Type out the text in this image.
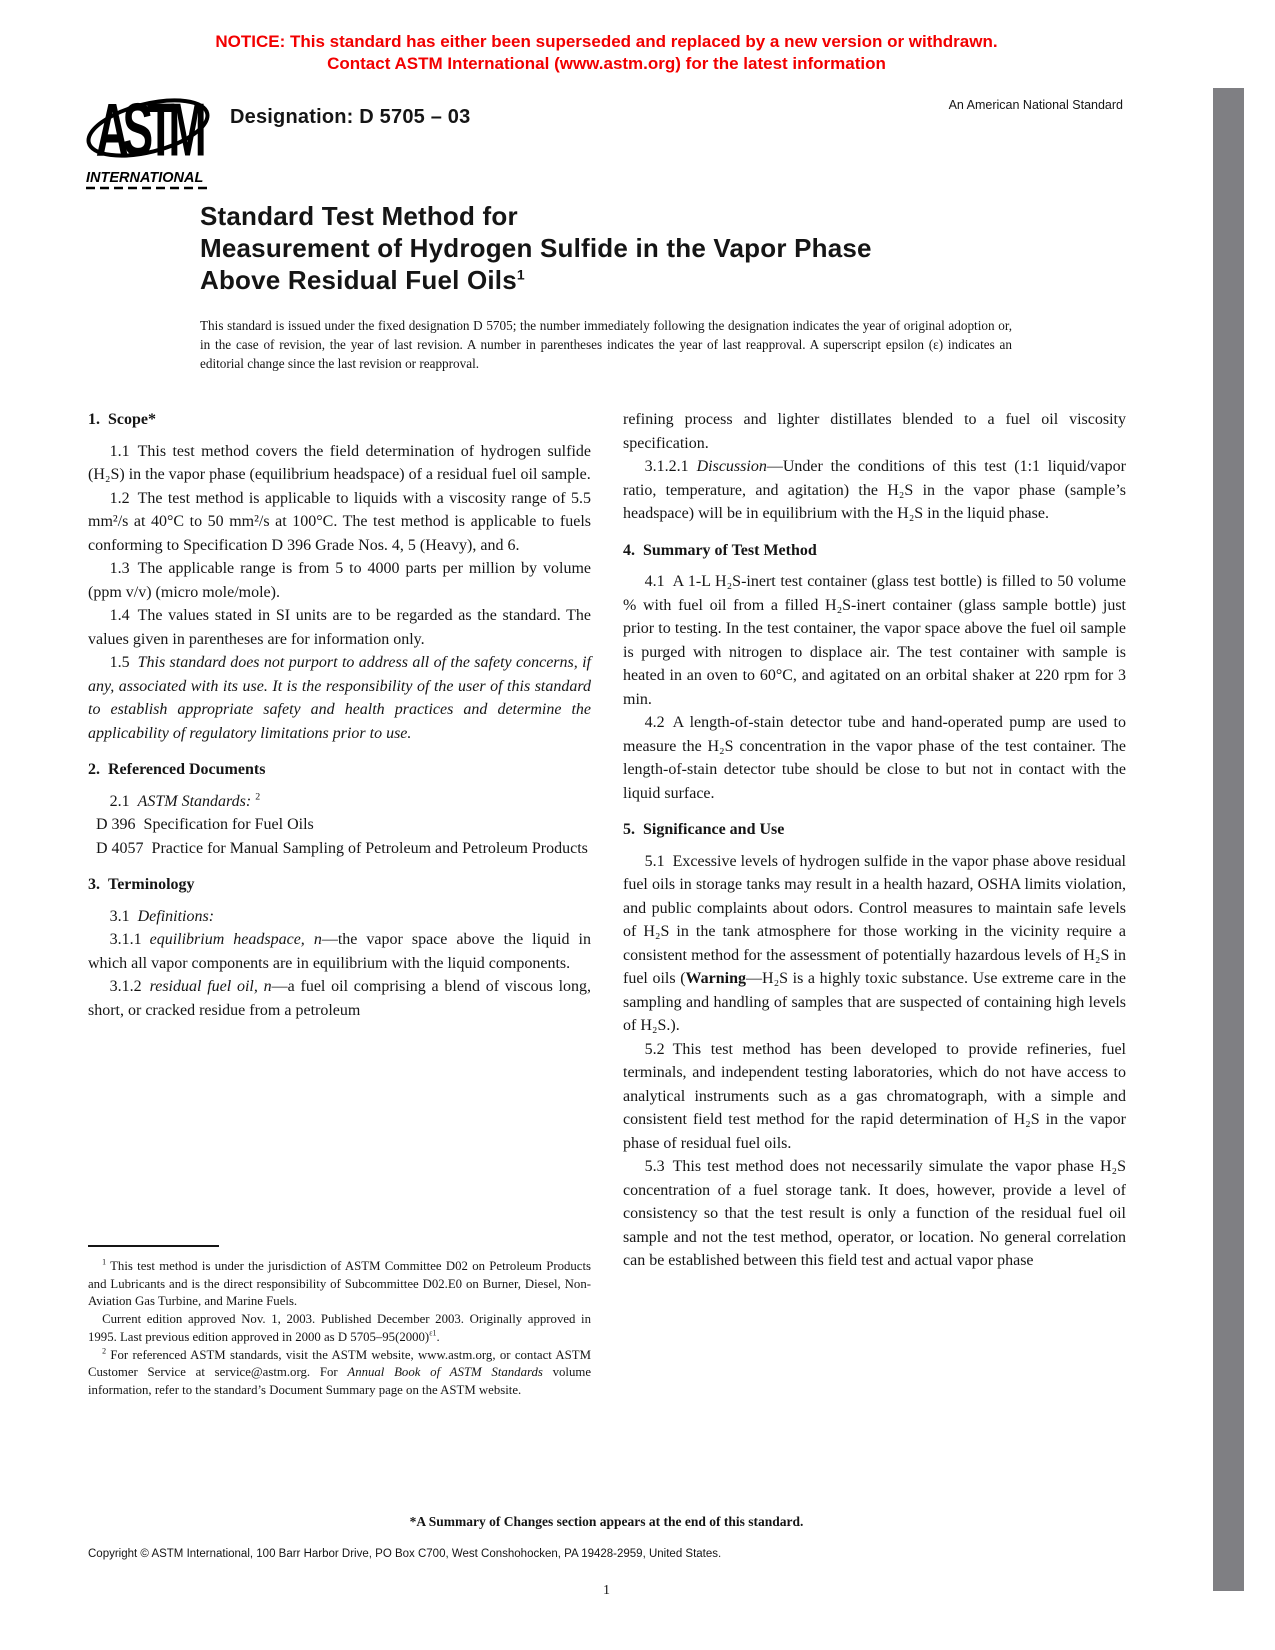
NOTICE: This standard has either been superseded and replaced by a new version or withdrawn.
Contact ASTM International (www.astm.org) for the latest information
ASTM
INTERNATIONAL
Designation: D 5705 – 03
An American National Standard
Standard Test Method for
Measurement of Hydrogen Sulfide in the Vapor Phase
Above Residual Fuel Oils$^1$

This standard is issued under the fixed designation D 5705; the number immediately following the designation indicates the year of original adoption or, in the case of revision, the year of last revision. A number in parentheses indicates the year of last reapproval. A superscript epsilon (ε) indicates an editorial change since the last revision or reapproval.

1. Scope*
1.1 This test method covers the field determination of hydrogen sulfide (H₂S) in the vapor phase (equilibrium headspace) of a residual fuel oil sample.
1.2 The test method is applicable to liquids with a viscosity range of 5.5 mm²/s at 40°C to 50 mm²/s at 100°C. The test method is applicable to fuels conforming to Specification D 396 Grade Nos. 4, 5 (Heavy), and 6.
1.3 The applicable range is from 5 to 4000 parts per million by volume (ppm v/v) (micro mole/mole).
1.4 The values stated in SI units are to be regarded as the standard. The values given in parentheses are for information only.
1.5 This standard does not purport to address all of the safety concerns, if any, associated with its use. It is the responsibility of the user of this standard to establish appropriate safety and health practices and determine the applicability of regulatory limitations prior to use.
2. Referenced Documents
2.1 ASTM Standards: $^2$
D 396 Specification for Fuel Oils
D 4057 Practice for Manual Sampling of Petroleum and Petroleum Products
3. Terminology
3.1 Definitions:
3.1.1 equilibrium headspace, n—the vapor space above the liquid in which all vapor components are in equilibrium with the liquid components.
3.1.2 residual fuel oil, n—a fuel oil comprising a blend of viscous long, short, or cracked residue from a petroleum
refining process and lighter distillates blended to a fuel oil viscosity specification.
3.1.2.1 Discussion—Under the conditions of this test (1:1 liquid/vapor ratio, temperature, and agitation) the H₂S in the vapor phase (sample’s headspace) will be in equilibrium with the H₂S in the liquid phase.
4. Summary of Test Method
4.1 A 1-L H₂S-inert test container (glass test bottle) is filled to 50 volume % with fuel oil from a filled H₂S-inert container (glass sample bottle) just prior to testing. In the test container, the vapor space above the fuel oil sample is purged with nitrogen to displace air. The test container with sample is heated in an oven to 60°C, and agitated on an orbital shaker at 220 rpm for 3 min.
4.2 A length-of-stain detector tube and hand-operated pump are used to measure the H₂S concentration in the vapor phase of the test container. The length-of-stain detector tube should be close to but not in contact with the liquid surface.
5. Significance and Use
5.1 Excessive levels of hydrogen sulfide in the vapor phase above residual fuel oils in storage tanks may result in a health hazard, OSHA limits violation, and public complaints about odors. Control measures to maintain safe levels of H₂S in the tank atmosphere for those working in the vicinity require a consistent method for the assessment of potentially hazardous levels of H₂S in fuel oils (Warning—H₂S is a highly toxic substance. Use extreme care in the sampling and handling of samples that are suspected of containing high levels of H₂S.).
5.2 This test method has been developed to provide refineries, fuel terminals, and independent testing laboratories, which do not have access to analytical instruments such as a gas chromatograph, with a simple and consistent field test method for the rapid determination of H₂S in the vapor phase of residual fuel oils.
5.3 This test method does not necessarily simulate the vapor phase H₂S concentration of a fuel storage tank. It does, however, provide a level of consistency so that the test result is only a function of the residual fuel oil sample and not the test method, operator, or location. No general correlation can be established between this field test and actual vapor phase
$^1$ This test method is under the jurisdiction of ASTM Committee D02 on Petroleum Products and Lubricants and is the direct responsibility of Subcommittee D02.E0 on Burner, Diesel, Non-Aviation Gas Turbine, and Marine Fuels.
Current edition approved Nov. 1, 2003. Published December 2003. Originally approved in 1995. Last previous edition approved in 2000 as D $5705-95(2000)^{\varepsilon 1}$.
$^2$ For referenced ASTM standards, visit the ASTM website, www.astm.org, or contact ASTM Customer Service at service@astm.org. For Annual Book of ASTM Standards volume information, refer to the standard’s Document Summary page on the ASTM website.
*A Summary of Changes section appears at the end of this standard.
Copyright © ASTM International, 100 Barr Harbor Drive, PO Box C700, West Conshohocken, PA 19428-2959, United States.
1
